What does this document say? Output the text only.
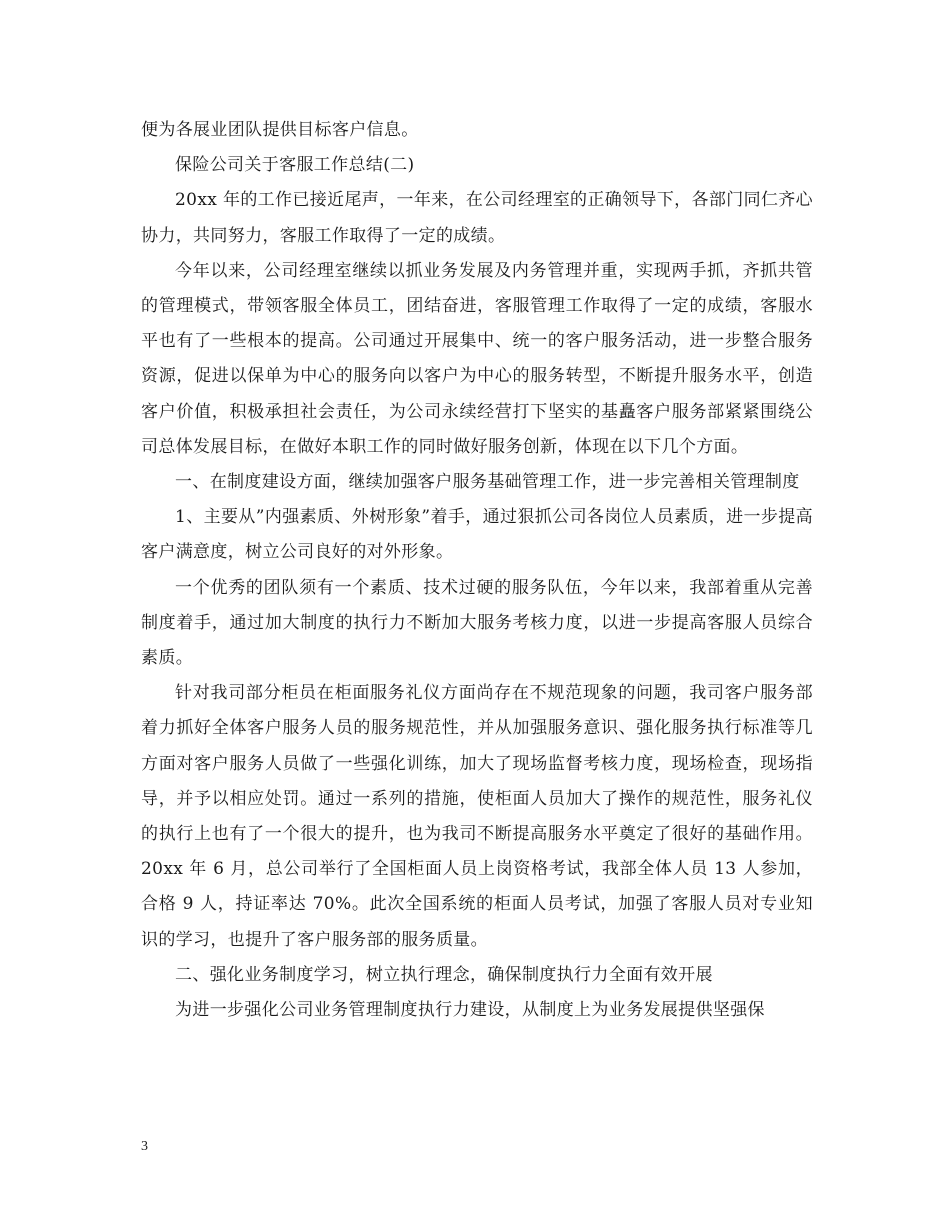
便为各展业团队提供目标客户信息。

保险公司关于客服工作总结(二)

20xx 年的工作已接近尾声，一年来，在公司经理室的正确领导下，各部门同仁齐心协力，共同努力，客服工作取得了一定的成绩。

今年以来，公司经理室继续以抓业务发展及内务管理并重，实现两手抓，齐抓共管的管理模式，带领客服全体员工，团结奋进，客服管理工作取得了一定的成绩，客服水平也有了一些根本的提高。公司通过开展集中、统一的客户服务活动，进一步整合服务资源，促进以保单为中心的服务向以客户为中心的服务转型，不断提升服务水平，创造客户价值，积极承担社会责任，为公司永续经营打下坚实的基矗客户服务部紧紧围绕公司总体发展目标，在做好本职工作的同时做好服务创新，体现在以下几个方面。

一、在制度建设方面，继续加强客户服务基础管理工作，进一步完善相关管理制度

1、主要从”内强素质、外树形象”着手，通过狠抓公司各岗位人员素质，进一步提高客户满意度，树立公司良好的对外形象。

一个优秀的团队须有一个素质、技术过硬的服务队伍，今年以来，我部着重从完善制度着手，通过加大制度的执行力不断加大服务考核力度，以进一步提高客服人员综合素质。

针对我司部分柜员在柜面服务礼仪方面尚存在不规范现象的问题，我司客户服务部着力抓好全体客户服务人员的服务规范性，并从加强服务意识、强化服务执行标准等几方面对客户服务人员做了一些强化训练，加大了现场监督考核力度，现场检查，现场指导，并予以相应处罚。通过一系列的措施，使柜面人员加大了操作的规范性，服务礼仪的执行上也有了一个很大的提升，也为我司不断提高服务水平奠定了很好的基础作用。        20xx 年 6 月，总公司举行了全国柜面人员上岗资格考试，我部全体人员 13 人参加，合格 9 人，持证率达 70%。此次全国系统的柜面人员考试，加强了客服人员对专业知识的学习，也提升了客户服务部的服务质量。

二、强化业务制度学习，树立执行理念，确保制度执行力全面有效开展

为进一步强化公司业务管理制度执行力建设，从制度上为业务发展提供坚强保

3
